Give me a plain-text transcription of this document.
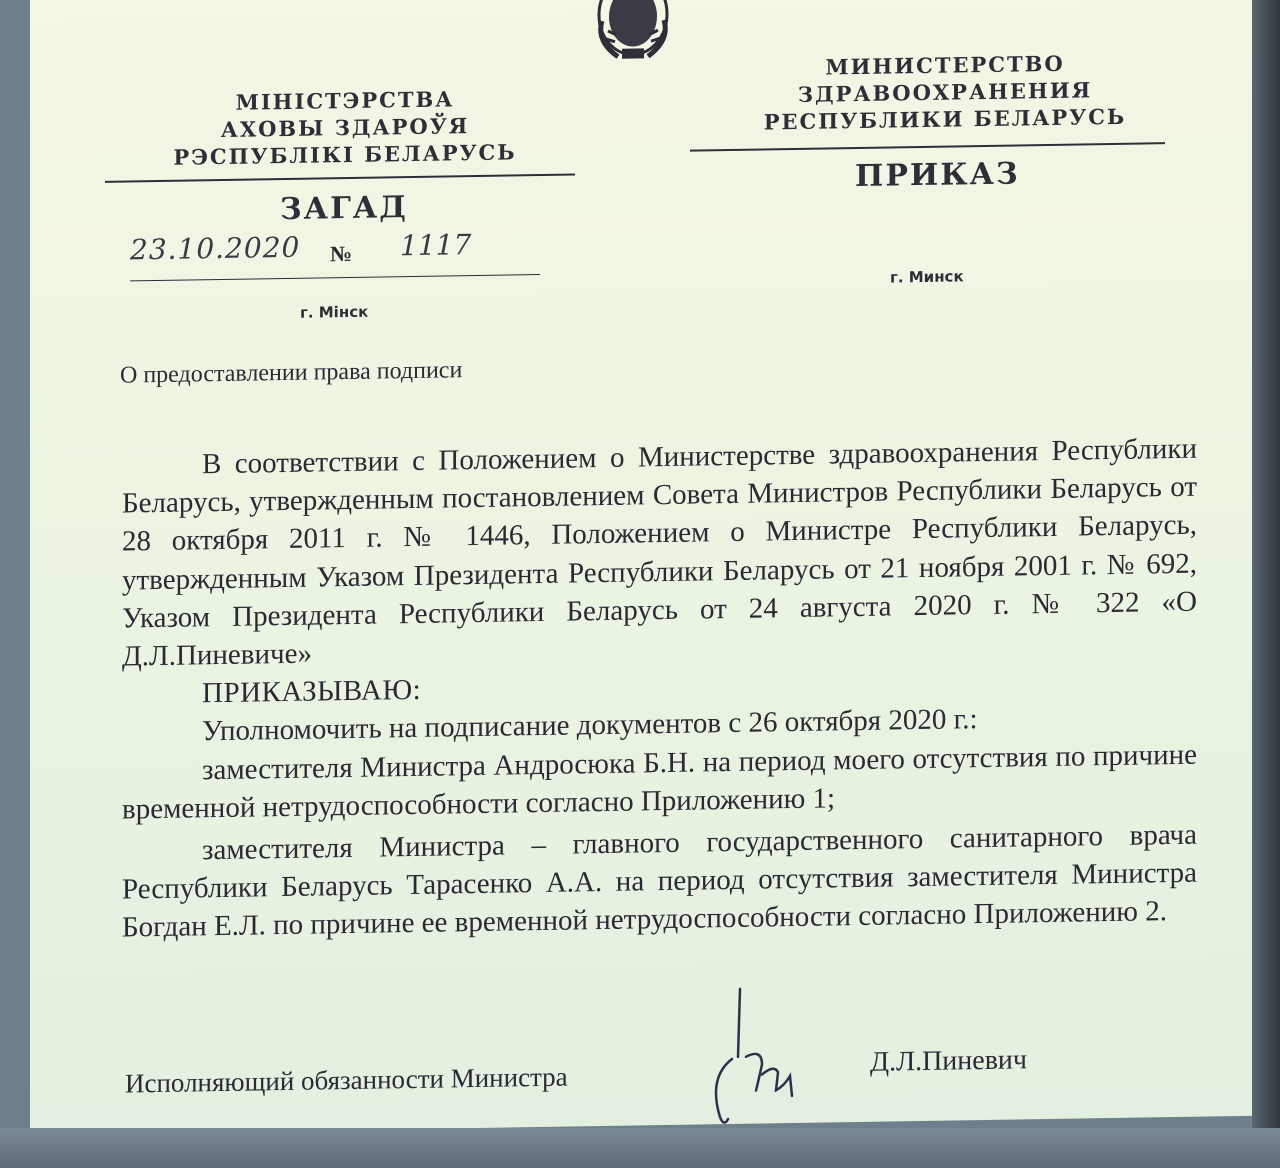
МІНІСТЭРСТВА
АХОВЫ ЗДАРОЎЯ
РЭСПУБЛІКІ БЕЛАРУСЬ
МИНИСТЕРСТВО
ЗДРАВООХРАНЕНИЯ
РЕСПУБЛИКИ БЕЛАРУСЬ
ЗАГАД
ПРИКАЗ
23.10.2020 № 1117
г. Мінск
г. Минск
О предоставлении права подписи

В соответствии с Положением о Министерстве здравоохранения Республики Беларусь, утвержденным постановлением Совета Министров Республики Беларусь от 28 октября 2011 г. № 1446, Положением о Министре Республики Беларусь, утвержденным Указом Президента Республики Беларусь от 21 ноября 2001 г. № 692, Указом Президента Республики Беларусь от 24 августа 2020 г. № 322 «О Д.Л.Пиневиче»

ПРИКАЗЫВАЮ:

Уполномочить на подписание документов с 26 октября 2020 г.:

заместителя Министра Андросюка Б.Н. на период моего отсутствия по причине временной нетрудоспособности согласно Приложению 1;

заместителя Министра – главного государственного санитарного врача Республики Беларусь Тарасенко А.А. на период отсутствия заместителя Министра Богдан Е.Л. по причине ее временной нетрудоспособности согласно Приложению 2.

Исполняющий обязанности Министра
Д.Л.Пиневич
